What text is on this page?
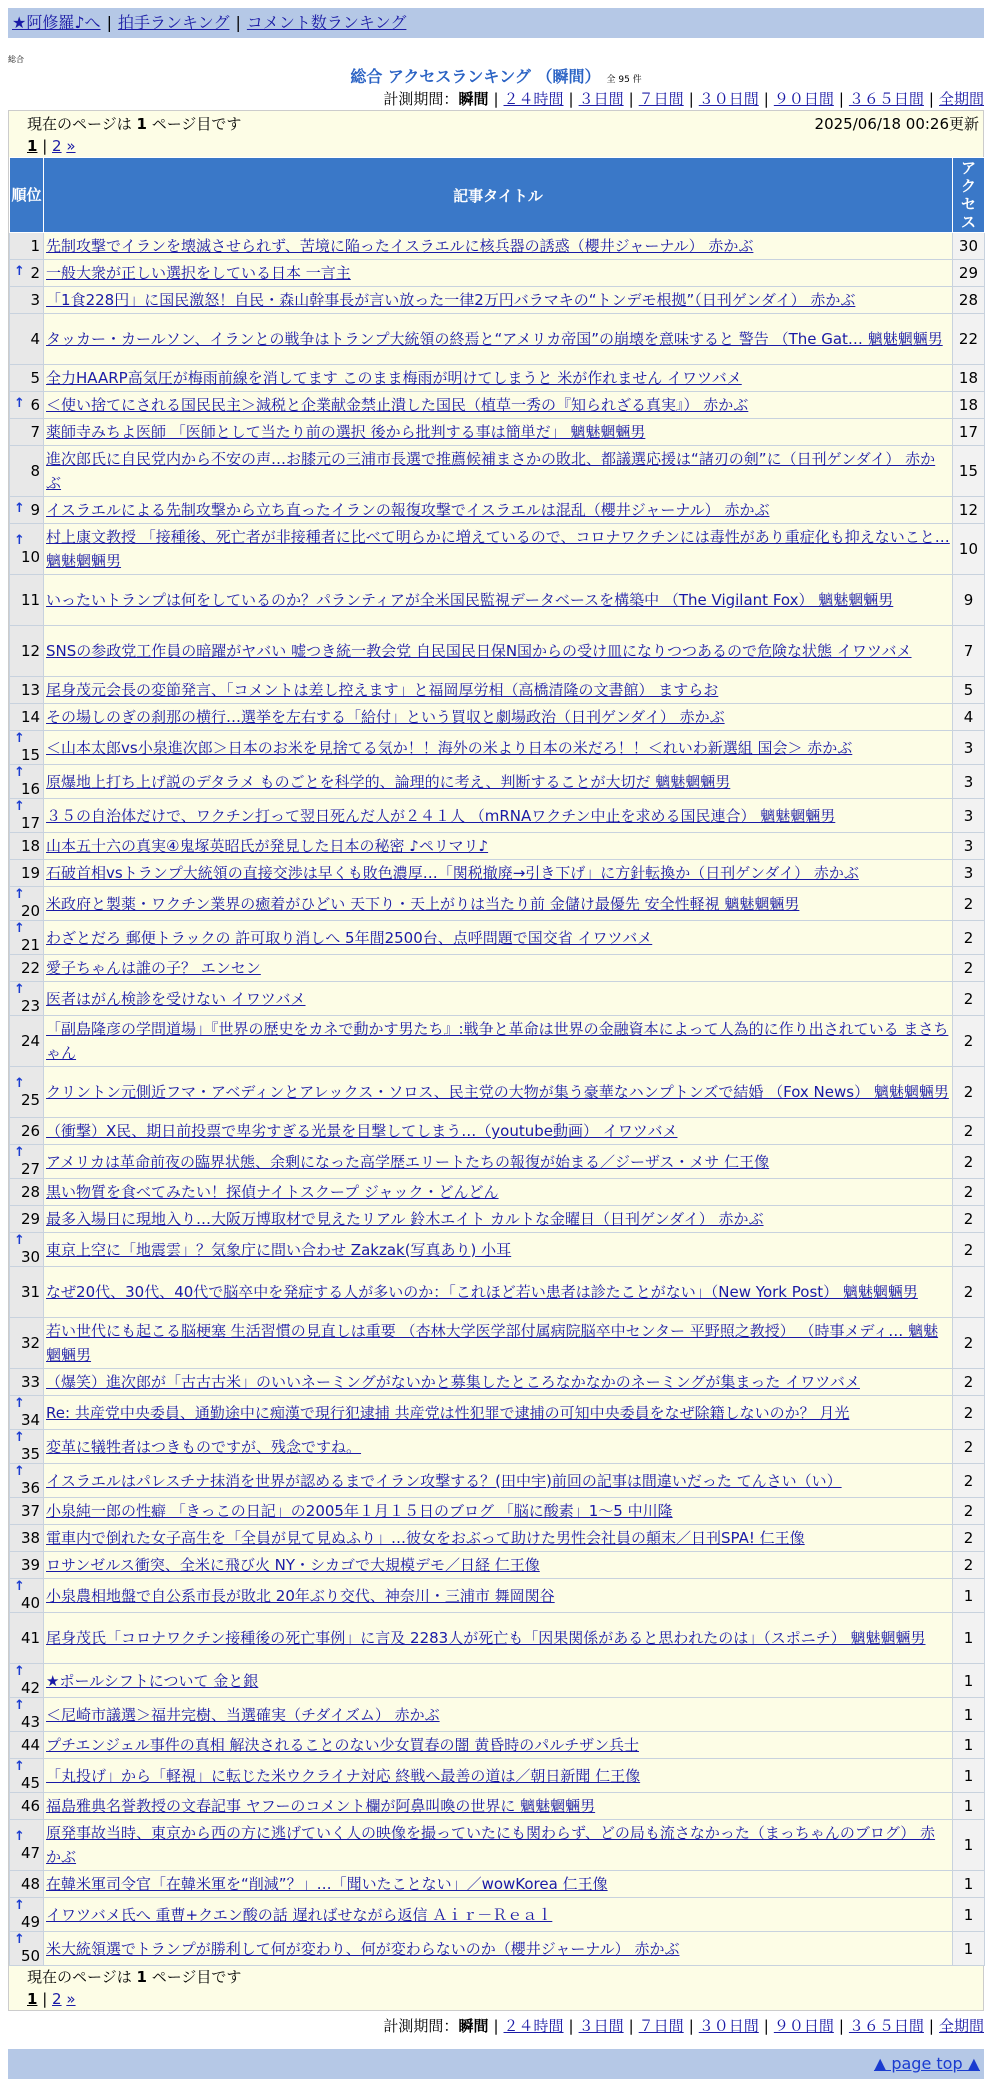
★阿修羅♪へ | 拍手ランキング | コメント数ランキング
総合
総合 アクセスランキング （瞬間） 全 95 件
計測期間：瞬間 | ２４時間 | ３日間 | ７日間 | ３０日間 | ９０日間 | ３６５日間 | 全期間
現在のページは 1 ページ目です	2025/06/18 00:26更新
1 | 2 »
順位	記事タイトル	アクセス
1	先制攻撃でイランを壊滅させられず、苦境に陥ったイスラエルに核兵器の誘惑（櫻井ジャーナル） 赤かぶ	30

↑ 2	一般大衆が正しい選択をしている日本 一言主	29
3	「1食228円」に国民激怒！自民・森山幹事長が言い放った一律2万円バラマキの“トンデモ根拠”（日刊ゲンダイ） 赤かぶ	28
4	タッカー・カールソン、イランとの戦争はトランプ大統領の終焉と“アメリカ帝国”の崩壊を意味すると 警告 （The Gat… 魑魅魍魎男	22
5	全力HAARP高気圧が梅雨前線を消してます このまま梅雨が明けてしまうと 米が作れません イワツバメ	18

↑ 6	＜使い捨てにされる国民民主＞減税と企業献金禁止潰した国民（植草一秀の『知られざる真実』） 赤かぶ	18
7	薬師寺みちよ医師 「医師として当たり前の選択 後から批判する事は簡単だ」 魑魅魍魎男	17
8	進次郎氏に自民党内から不安の声…お膝元の三浦市長選で推薦候補まさかの敗北、都議選応援は“諸刃の剣”に（日刊ゲンダイ） 赤かぶ	15

↑ 9	イスラエルによる先制攻撃から立ち直ったイランの報復攻撃でイスラエルは混乱（櫻井ジャーナル） 赤かぶ	12

↑
10	村上康文教授 「接種後、死亡者が非接種者に比べて明らかに増えているので、コロナワクチンには毒性があり重症化も抑えないこと… 魑魅魍魎男	10
11	いったいトランプは何をしているのか？パランティアが全米国民監視データベースを構築中 （The Vigilant Fox） 魑魅魍魎男	9
12	SNSの参政党工作員の暗躍がヤバい 嘘つき統一教会党 自民国民日保N国からの受け皿になりつつあるので危険な状態 イワツバメ	7
13	尾身茂元会長の変節発言、「コメントは差し控えます」と福岡厚労相（高橋清隆の文書館） ますらお	5
14	その場しのぎの刹那の横行…選挙を左右する「給付」という買収と劇場政治（日刊ゲンダイ） 赤かぶ	4

↑
15	＜山本太郎vs小泉進次郎＞日本のお米を見捨てる気か！！海外の米より日本の米だろ！！＜れいわ新選組 国会＞ 赤かぶ	3

↑
16	原爆地上打ち上げ説のデタラメ ものごとを科学的、論理的に考え、判断することが大切だ 魑魅魍魎男	3

↑
17	３５の自治体だけで、ワクチン打って翌日死んだ人が２４１人 （mRNAワクチン中止を求める国民連合） 魑魅魍魎男	3
18	山本五十六の真実④鬼塚英昭氏が発見した日本の秘密 ♪ペリマリ♪	3
19	石破首相vsトランプ大統領の直接交渉は早くも敗色濃厚…「関税撤廃→引き下げ」に方針転換か（日刊ゲンダイ） 赤かぶ	3

↑
20	米政府と製薬・ワクチン業界の癒着がひどい 天下り・天上がりは当たり前 金儲け最優先 安全性軽視 魑魅魍魎男	2

↑
21	わざとだろ 郵便トラックの 許可取り消しへ 5年間2500台、点呼問題で国交省 イワツバメ	2
22	愛子ちゃんは誰の子？ エンセン	2

↑
23	医者はがん検診を受けない イワツバメ	2
24	「副島隆彦の学問道場」『世界の歴史をカネで動かす男たち』:戦争と革命は世界の金融資本によって人為的に作り出されている まさちゃん	2

↑
25	クリントン元側近フマ・アベディンとアレックス・ソロス、民主党の大物が集う豪華なハンプトンズで結婚 （Fox News） 魑魅魍魎男	2
26	（衝撃）X民、期日前投票で卑劣すぎる光景を目撃してしまう…（youtube動画） イワツバメ	2

↑
27	アメリカは革命前夜の臨界状態、余剰になった高学歴エリートたちの報復が始まる／ジーザス・メサ 仁王像	2
28	黒い物質を食べてみたい！探偵ナイトスクープ ジャック・どんどん	2
29	最多入場日に現地入り…大阪万博取材で見えたリアル 鈴木エイト カルトな金曜日（日刊ゲンダイ） 赤かぶ	2

↑
30	東京上空に「地震雲」？気象庁に問い合わせ Zakzak(写真あり) 小耳	2
31	なぜ20代、30代、40代で脳卒中を発症する人が多いのか：「これほど若い患者は診たことがない」（New York Post） 魑魅魍魎男	2
32	若い世代にも起こる脳梗塞 生活習慣の見直しは重要 （杏林大学医学部付属病院脳卒中センター 平野照之教授） （時事メディ… 魑魅魍魎男	2
33	（爆笑）進次郎が「古古古米」のいいネーミングがないかと募集したところなかなかのネーミングが集まった イワツバメ	2

↑
34	Re: 共産党中央委員、通勤途中に痴漢で現行犯逮捕 共産党は性犯罪で逮捕の可知中央委員をなぜ除籍しないのか？ 月光	2

↑
35	変革に犠牲者はつきものですが、残念ですね。	2

↑
36	イスラエルはパレスチナ抹消を世界が認めるまでイラン攻撃する？(田中宇)前回の記事は間違いだった てんさい（い）	2
37	小泉純一郎の性癖 「きっこの日記」の2005年１月１５日のブログ 「脳に酸素」1～5 中川隆	2
38	電車内で倒れた女子高生を「全員が見て見ぬふり」…彼女をおぶって助けた男性会社員の顛末／日刊SPA! 仁王像	2
39	ロサンゼルス衝突、全米に飛び火 NY・シカゴで大規模デモ／日経 仁王像	2

↑
40	小泉農相地盤で自公系市長が敗北 20年ぶり交代、神奈川・三浦市 舞岡関谷	1
41	尾身茂氏「コロナワクチン接種後の死亡事例」に言及 2283人が死亡も「因果関係があると思われたのは」（スポニチ） 魑魅魍魎男	1

↑
42	★ポールシフトについて 金と銀	1

↑
43	＜尼崎市議選＞福井完樹、当選確実（チダイズム） 赤かぶ	1
44	プチエンジェル事件の真相 解決されることのない少女買春の闇 黄昏時のパルチザン兵士	1

↑
45	「丸投げ」から「軽視」に転じた米ウクライナ対応 終戦へ最善の道は／朝日新聞 仁王像	1
46	福島雅典名誉教授の文春記事 ヤフーのコメント欄が阿鼻叫喚の世界に 魑魅魍魎男	1

↑
47	原発事故当時、東京から西の方に逃げていく人の映像を撮っていたにも関わらず、どの局も流さなかった（まっちゃんのブログ） 赤かぶ	1
48	在韓米軍司令官「在韓米軍を“削減”？」…「聞いたことない」／wowKorea 仁王像	1

↑
49	イワツバメ氏へ 重曹+クエン酸の話 遅ればせながら返信 Ａｉｒ－Ｒｅａｌ	1

↑
50	米大統領選でトランプが勝利して何が変わり、何が変わらないのか（櫻井ジャーナル） 赤かぶ	1
現在のページは 1 ページ目です
1 | 2 »
計測期間：瞬間 | ２４時間 | ３日間 | ７日間 | ３０日間 | ９０日間 | ３６５日間 | 全期間
▲ page top ▲
